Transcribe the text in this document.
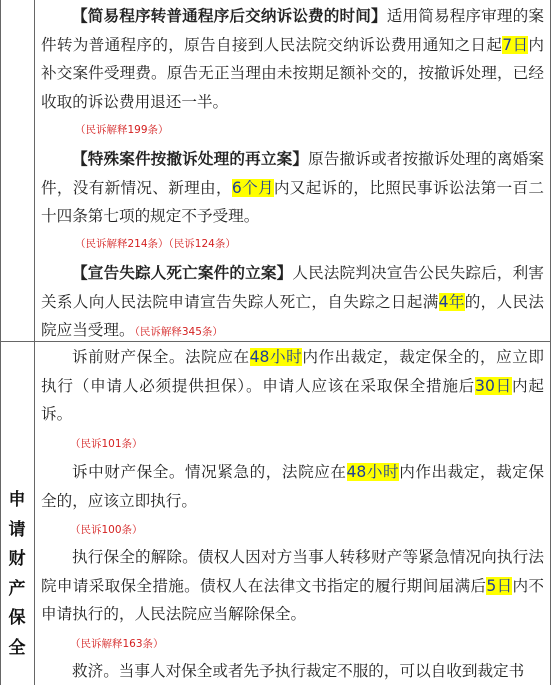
【简易程序转普通程序后交纳诉讼费的时间】适用简易程序审理的案件转为普通程序的，原告自接到人民法院交纳诉讼费用通知之日起7日内补交案件受理费。原告无正当理由未按期足额补交的，按撤诉处理，已经收取的诉讼费用退还一半。
（民诉解释199条）
【特殊案件按撤诉处理的再立案】原告撤诉或者按撤诉处理的离婚案件，没有新情况、新理由，6个月内又起诉的，比照民事诉讼法第一百二十四条第七项的规定不予受理。
（民诉解释214条）（民诉124条）
【宣告失踪人死亡案件的立案】人民法院判决宣告公民失踪后，利害关系人向人民法院申请宣告失踪人死亡，自失踪之日起满4年的，人民法院应当受理。（民诉解释345条）
申
请
财
产
保
全
诉前财产保全。法院应在48小时内作出裁定，裁定保全的，应立即执行（申请人必须提供担保）。申请人应该在采取保全措施后30日内起诉。
（民诉101条）
诉中财产保全。情况紧急的，法院应在48小时内作出裁定，裁定保全的，应该立即执行。
（民诉100条）
执行保全的解除。债权人因对方当事人转移财产等紧急情况向执行法院申请采取保全措施。债权人在法律文书指定的履行期间届满后5日内不申请执行的，人民法院应当解除保全。
（民诉解释163条）
救济。当事人对保全或者先予执行裁定不服的，可以自收到裁定书
